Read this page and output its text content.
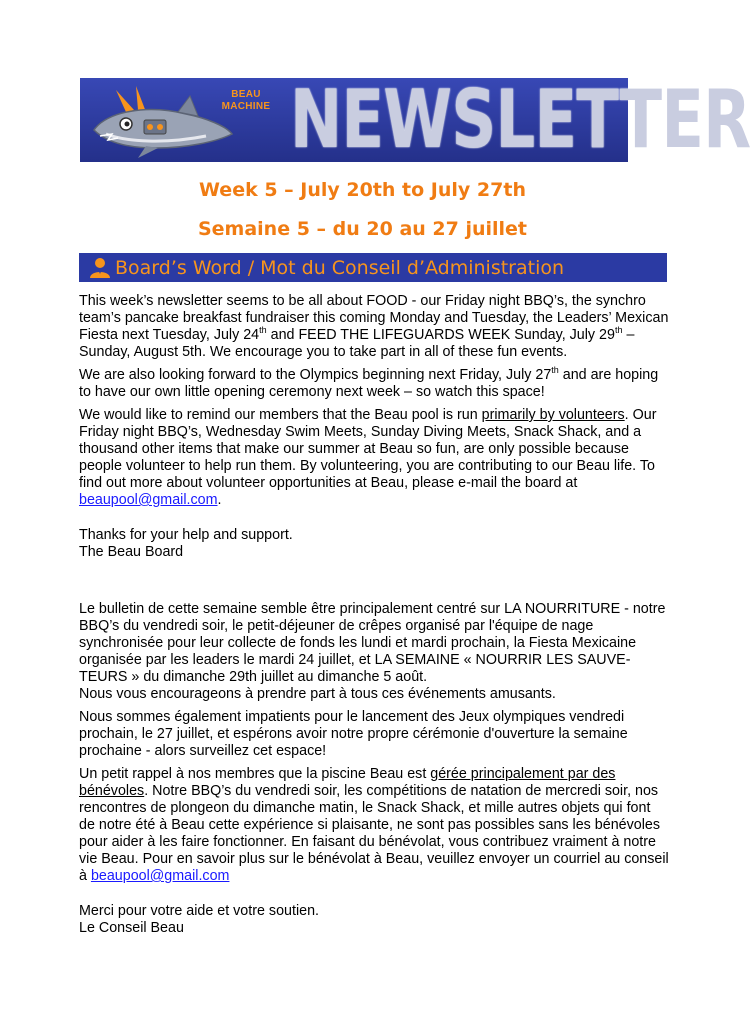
BEAU
MACHINE NEWSLETTER
Week 5 – July 20th to July 27th
Semaine 5 – du 20 au 27 juillet
Board’s Word / Mot du Conseil d’Administration

This week’s newsletter seems to be all about FOOD - our Friday night BBQ’s, the synchro team’s pancake breakfast fundraiser this coming Monday and Tuesday, the Leaders’ Mexican Fiesta next Tuesday, July 24th and FEED THE LIFEGUARDS WEEK Sunday, July 29th – Sunday, August 5th. We encourage you to take part in all of these fun events.

We are also looking forward to the Olympics beginning next Friday, July 27th and are hoping to have our own little opening ceremony next week – so watch this space!

We would like to remind our members that the Beau pool is run primarily by volunteers. Our Friday night BBQ’s, Wednesday Swim Meets, Sunday Diving Meets, Snack Shack, and a thousand other items that make our summer at Beau so fun, are only possible because people volunteer to help run them. By volunteering, you are contributing to our Beau life. To find out more about volunteer opportunities at Beau, please e-mail the board at beaupool@gmail.com.

Thanks for your help and support.
The Beau Board

Le bulletin de cette semaine semble être principalement centré sur LA NOURRITURE - notre BBQ’s du vendredi soir, le petit-déjeuner de crêpes organisé par l'équipe de nage synchronisée pour leur collecte de fonds les lundi et mardi prochain, la Fiesta Mexicaine organisée par les leaders le mardi 24 juillet, et LA SEMAINE « NOURRIR LES SAUVE-TEURS » du dimanche 29th juillet au dimanche 5 août.
Nous vous encourageons à prendre part à tous ces événements amusants.

Nous sommes également impatients pour le lancement des Jeux olympiques vendredi prochain, le 27 juillet, et espérons avoir notre propre cérémonie d'ouverture la semaine prochaine - alors surveillez cet espace!

Un petit rappel à nos membres que la piscine Beau est gérée principalement par des bénévoles. Notre BBQ’s du vendredi soir, les compétitions de natation de mercredi soir, nos rencontres de plongeon du dimanche matin, le Snack Shack, et mille autres objets qui font de notre été à Beau cette expérience si plaisante, ne sont pas possibles sans les bénévoles pour aider à les faire fonctionner. En faisant du bénévolat, vous contribuez vraiment à notre vie Beau. Pour en savoir plus sur le bénévolat à Beau, veuillez envoyer un courriel au conseil à beaupool@gmail.com

Merci pour votre aide et votre soutien.
Le Conseil Beau
